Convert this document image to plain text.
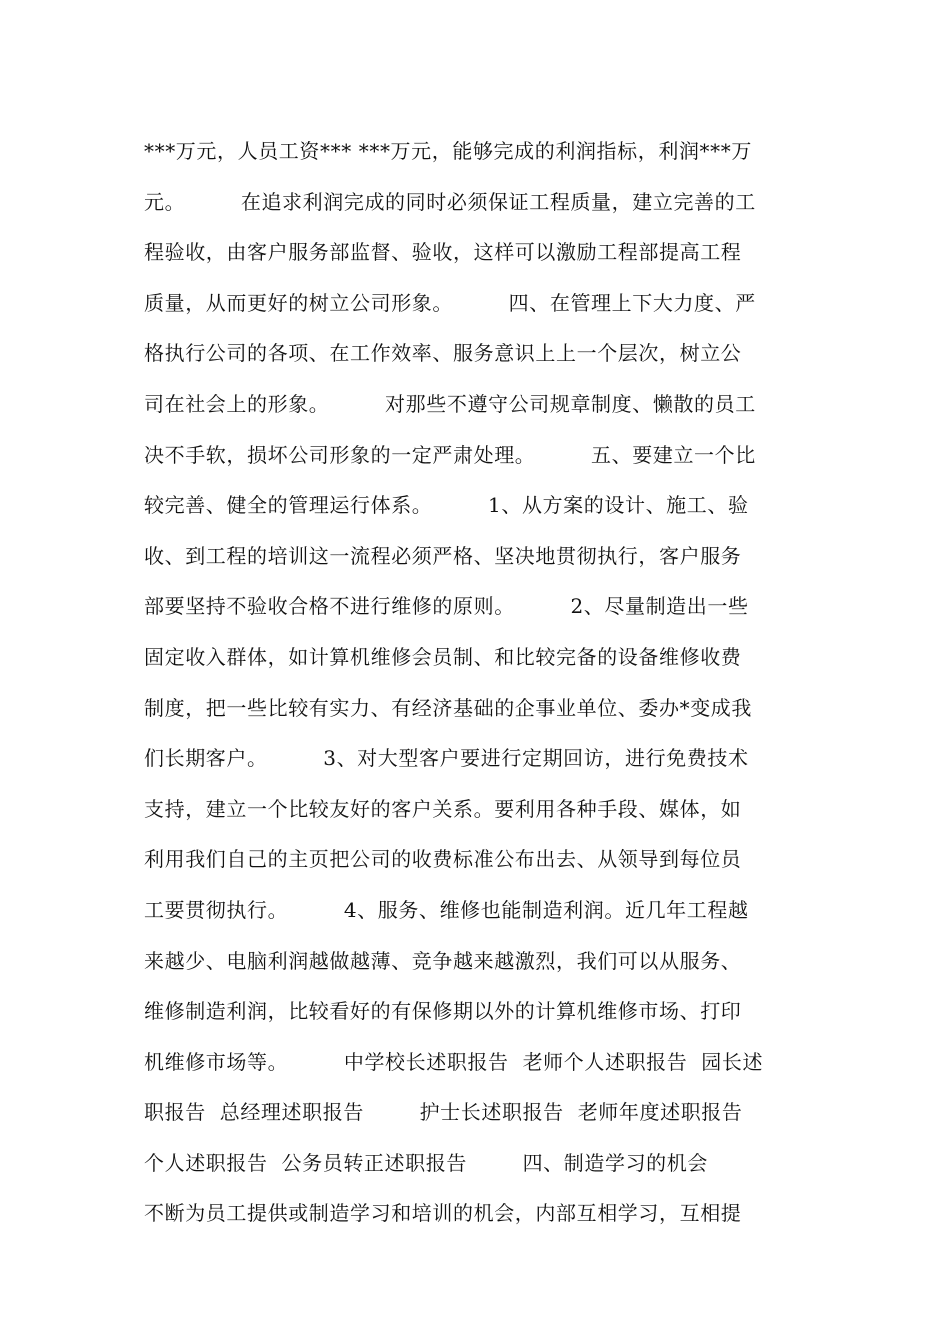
***万元，人员工资*** ***万元，能够完成的利润指标，利润***万
元。        在追求利润完成的同时必须保证工程质量，建立完善的工
程验收，由客户服务部监督、验收，这样可以激励工程部提高工程
质量，从而更好的树立公司形象。        四、在管理上下大力度、严
格执行公司的各项、在工作效率、服务意识上上一个层次，树立公
司在社会上的形象。        对那些不遵守公司规章制度、懒散的员工
决不手软，损坏公司形象的一定严肃处理。        五、要建立一个比
较完善、健全的管理运行体系。        1、从方案的设计、施工、验
收、到工程的培训这一流程必须严格、坚决地贯彻执行，客户服务
部要坚持不验收合格不进行维修的原则。        2、尽量制造出一些
固定收入群体，如计算机维修会员制、和比较完备的设备维修收费
制度，把一些比较有实力、有经济基础的企事业单位、委办*变成我
们长期客户。        3、对大型客户要进行定期回访，进行免费技术
支持，建立一个比较友好的客户关系。要利用各种手段、媒体，如
利用我们自己的主页把公司的收费标准公布出去、从领导到每位员
工要贯彻执行。        4、服务、维修也能制造利润。近几年工程越
来越少、电脑利润越做越薄、竞争越来越激烈，我们可以从服务、
维修制造利润，比较看好的有保修期以外的计算机维修市场、打印
机维修市场等。        中学校长述职报告  老师个人述职报告  园长述
职报告  总经理述职报告        护士长述职报告  老师年度述职报告
个人述职报告  公务员转正述职报告        四、制造学习的机会
不断为员工提供或制造学习和培训的机会，内部互相学习，互相提
